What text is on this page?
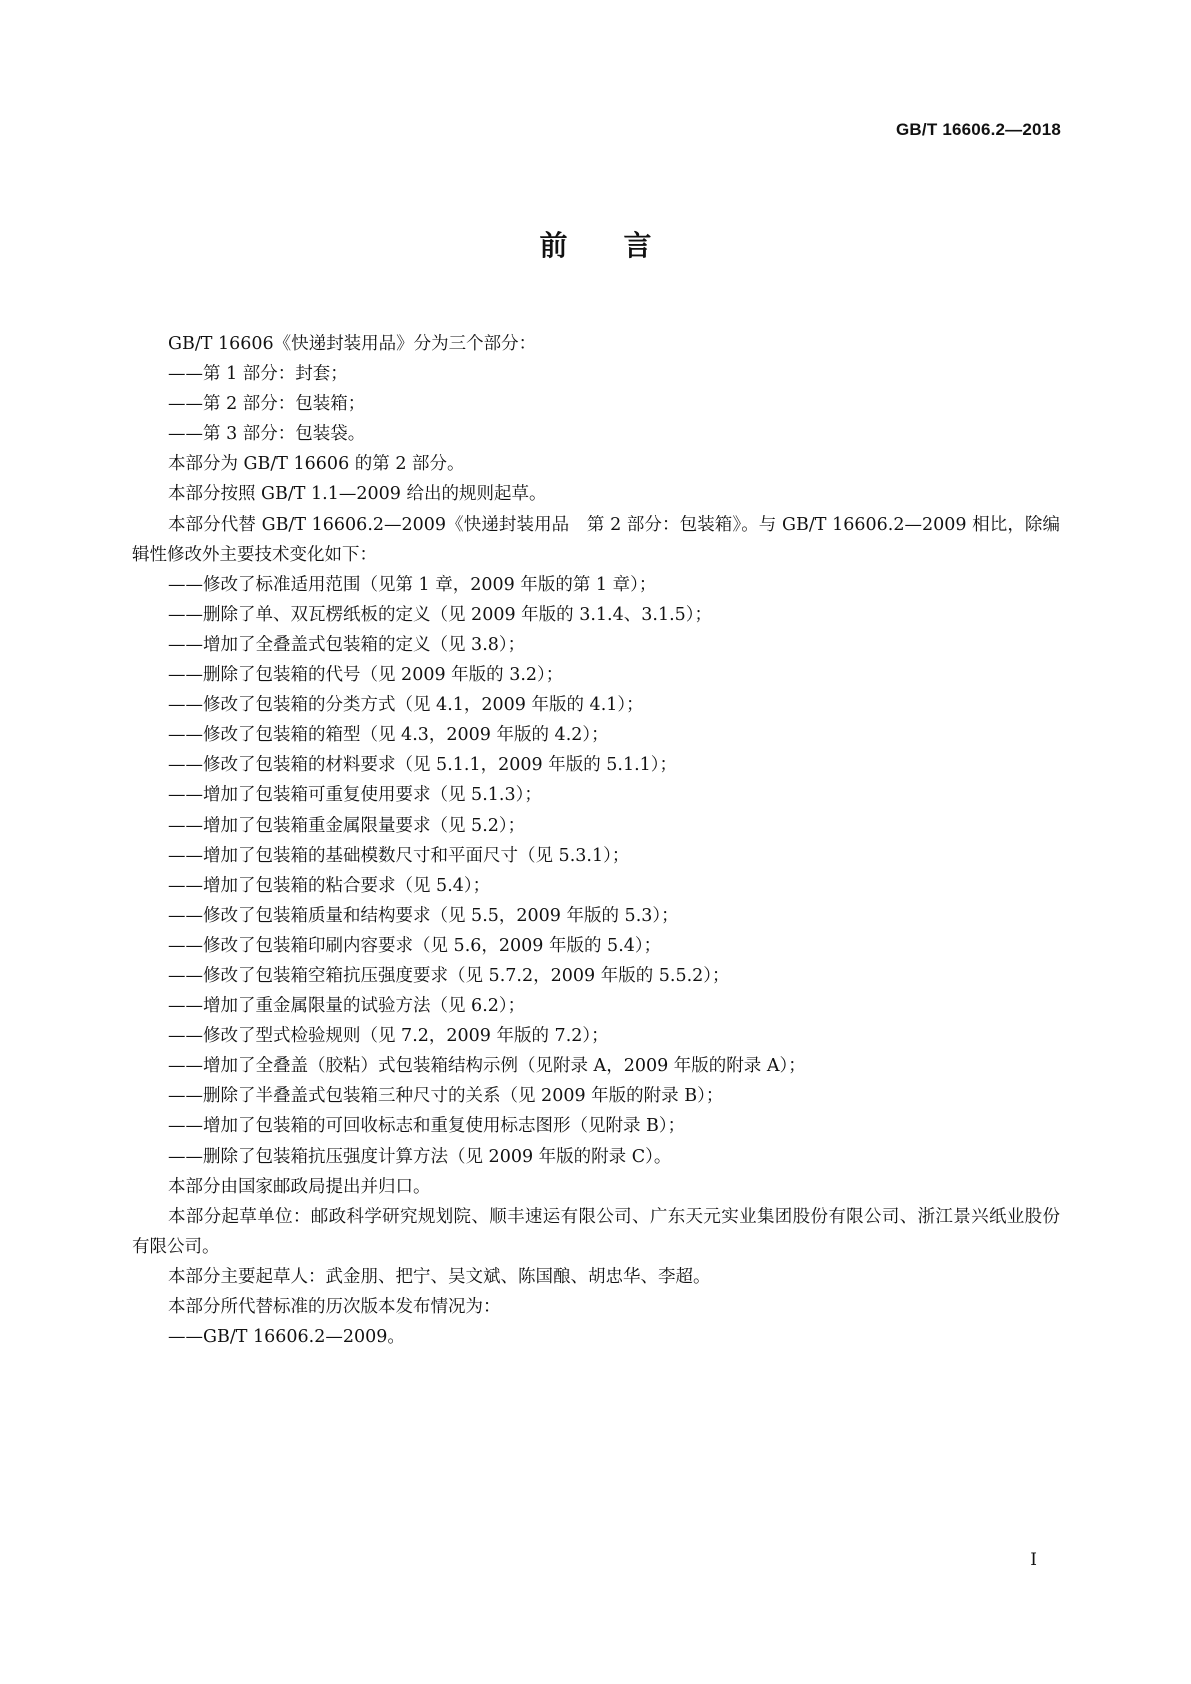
GB/T 16606.2—2018
前言

GB/T 16606《快递封装用品》分为三个部分：

——第 1 部分：封套；

——第 2 部分：包装箱；

——第 3 部分：包装袋。

本部分为 GB/T 16606 的第 2 部分。

本部分按照 GB/T 1.1—2009 给出的规则起草。

本部分代替 GB/T 16606.2—2009《快递封装用品　第 2 部分：包装箱》。与 GB/T 16606.2—2009 相比，除编辑性修改外主要技术变化如下：

——修改了标准适用范围（见第 1 章，2009 年版的第 1 章）；

——删除了单、双瓦楞纸板的定义（见 2009 年版的 3.1.4、3.1.5）；

——增加了全叠盖式包装箱的定义（见 3.8）；

——删除了包装箱的代号（见 2009 年版的 3.2）；

——修改了包装箱的分类方式（见 4.1，2009 年版的 4.1）；

——修改了包装箱的箱型（见 4.3，2009 年版的 4.2）；

——修改了包装箱的材料要求（见 5.1.1，2009 年版的 5.1.1）；

——增加了包装箱可重复使用要求（见 5.1.3）；

——增加了包装箱重金属限量要求（见 5.2）；

——增加了包装箱的基础模数尺寸和平面尺寸（见 5.3.1）；

——增加了包装箱的粘合要求（见 5.4）；

——修改了包装箱质量和结构要求（见 5.5，2009 年版的 5.3）；

——修改了包装箱印刷内容要求（见 5.6，2009 年版的 5.4）；

——修改了包装箱空箱抗压强度要求（见 5.7.2，2009 年版的 5.5.2）；

——增加了重金属限量的试验方法（见 6.2）；

——修改了型式检验规则（见 7.2，2009 年版的 7.2）；

——增加了全叠盖（胶粘）式包装箱结构示例（见附录 A，2009 年版的附录 A）；

——删除了半叠盖式包装箱三种尺寸的关系（见 2009 年版的附录 B）；

——增加了包装箱的可回收标志和重复使用标志图形（见附录 B）；

——删除了包装箱抗压强度计算方法（见 2009 年版的附录 C）。

本部分由国家邮政局提出并归口。

本部分起草单位：邮政科学研究规划院、顺丰速运有限公司、广东天元实业集团股份有限公司、浙江景兴纸业股份有限公司。

本部分主要起草人：武金朋、把宁、吴文斌、陈国酿、胡忠华、李超。

本部分所代替标准的历次版本发布情况为：

——GB/T 16606.2—2009。

I
